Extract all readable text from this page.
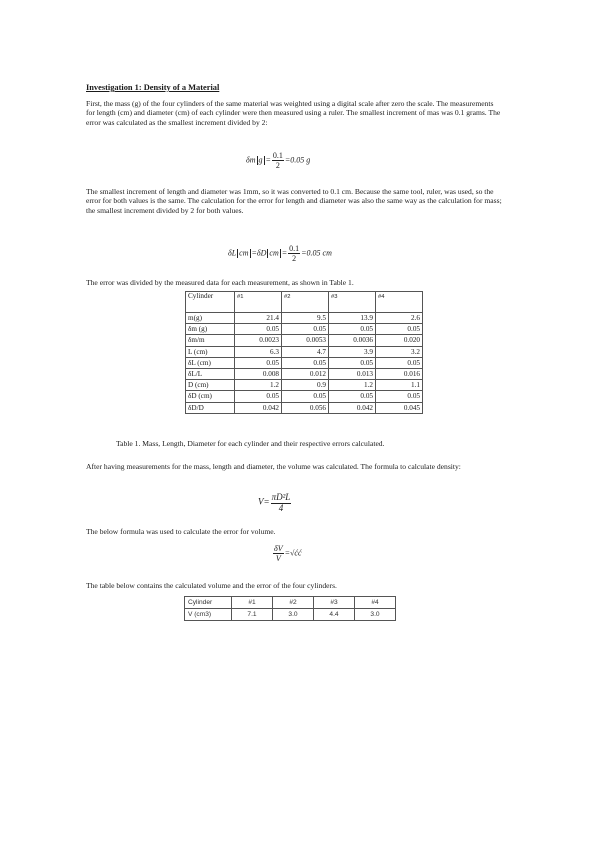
Investigation 1: Density of a Material
First, the mass (g) of the four cylinders of the same material was weighted using a digital scale after zero the scale. The measurements for length (cm) and diameter (cm) of each cylinder were then measured using a ruler. The smallest increment of mas was 0.1 grams. The error was calculated as the smallest increment divided by 2:
δm $g = \frac{0.1}{2} =0.05$ g
The smallest increment of length and diameter was 1mm, so it was converted to 0.1 cm. Because the same tool, ruler, was used, so the error for both values is the same. The calculation for the error for length and diameter was also the same way as the calculation for mass; the smallest increment divided by 2 for both values.
δL cm =δD cm = $\frac{0.1}{2} =0.05$ cm
The error was divided by the measured data for each measurement, as shown in Table 1.
Cylinder	#1	#2	#3	#4
m(g)	21.4	9.5	13.9	2.6
δm (g)	0.05	0.05	0.05	0.05
δm/m	0.0023	0.0053	0.0036	0.020
L (cm)	6.3	4.7	3.9	3.2
δL (cm)	0.05	0.05	0.05	0.05
δL/L	0.008	0.012	0.013	0.016
D (cm)	1.2	0.9	1.2	1.1
δD (cm)	0.05	0.05	0.05	0.05
δD/D	0.042	0.056	0.042	0.045
Table 1. Mass, Length, Diameter for each cylinder and their respective errors calculated.
After having measurements for the mass, length and diameter, the volume was calculated. The formula to calculate density:
$V= \frac{\text{πD²L}}{4}$
The below formula was used to calculate the error for volume.
$\frac{\delta V}{V}$ =√ćć
The table below contains the calculated volume and the error of the four cylinders.
Cylinder	#1	#2	#3	#4
V (cm3)	7.1	3.0	4.4	3.0
